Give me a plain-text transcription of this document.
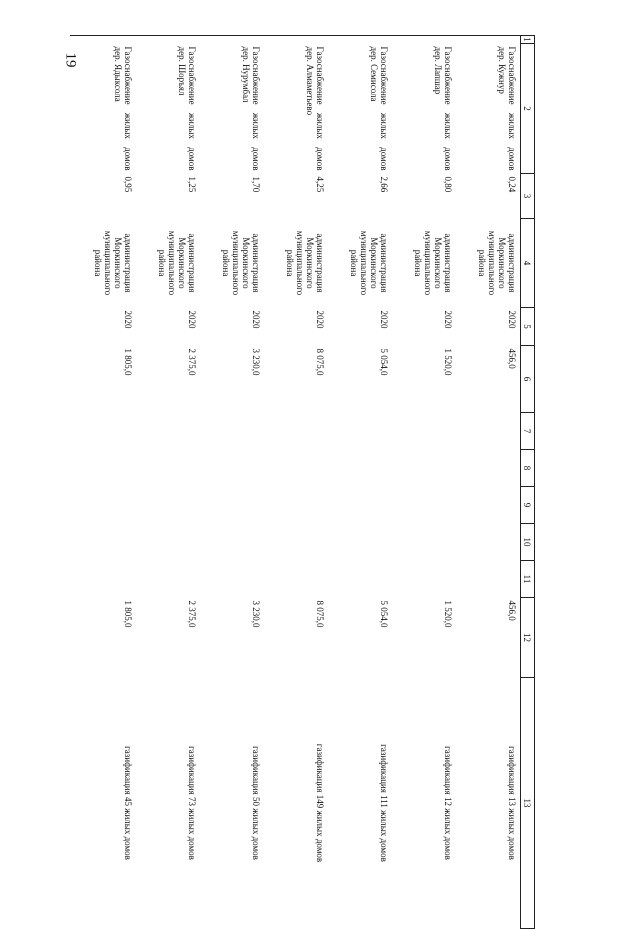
19
1	2	3	4	5	6	7	8	9	10	11	12	13
	Газоснабжение жилых домов дер. Кужнур	0,24	администрация Моркинского муниципального района	2020	456,0						456,0	газификация 13 жилых домов
	Газоснабжение жилых домов дер. Лапшар	0,80	администрация Моркинского муниципального района	2020	1 520,0						1 520,0	газификация 12 жилых домов
	Газоснабжение жилых домов дер. Семисола	2,66	администрация Моркинского муниципального района	2020	5 054,0						5 054,0	газификация 111 жилых домов
	Газоснабжение жилых домов дер. Алмаметьево	4,25	администрация Моркинского муниципального района	2020	8 075,0						8 075,0	газификация 149 жилых домов
	Газоснабжение жилых домов дер. Нурумбал	1,70	администрация Моркинского муниципального района	2020	3 230,0						3 230,0	газификация 50 жилых домов
	Газоснабжение жилых домов дер. Шоръял	1,25	администрация Моркинского муниципального района	2020	2 375,0						2 375,0	газификация 73 жилых домов
	Газоснабжение жилых домов дер. Ядыксола	0,95	администрация Моркинского муниципального района	2020	1 805,0						1 805,0	газификация 45 жилых домов
